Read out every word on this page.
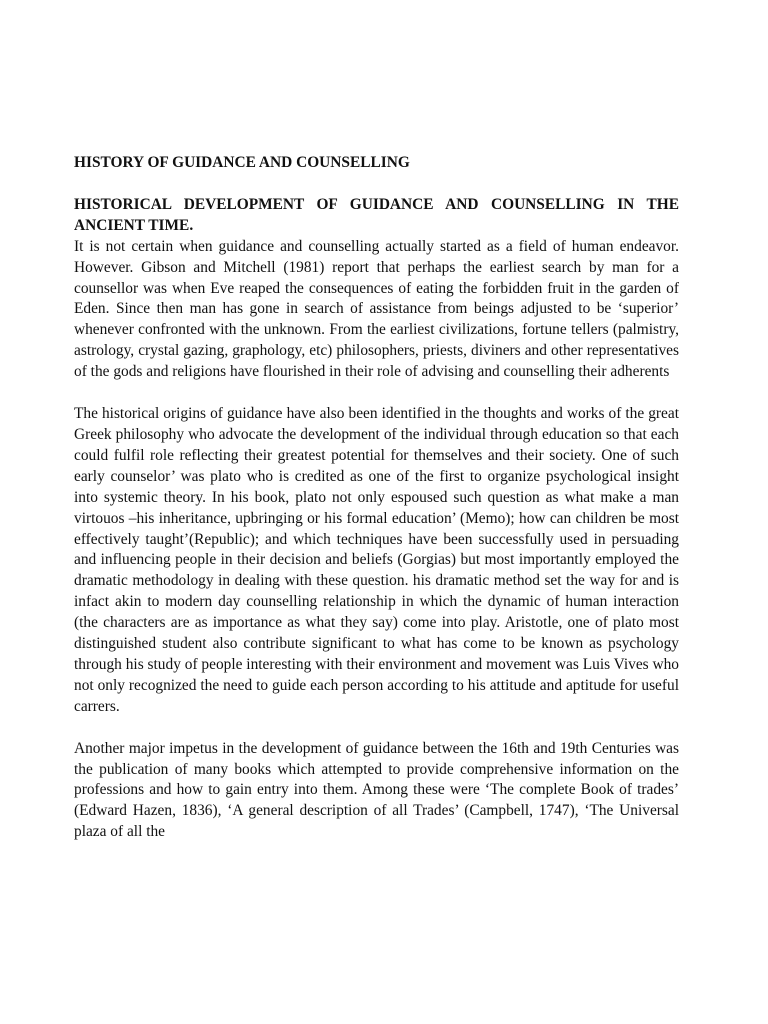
HISTORY OF GUIDANCE AND COUNSELLING

HISTORICAL DEVELOPMENT OF GUIDANCE AND COUNSELLING IN THE ANCIENT TIME.

It is not certain when guidance and counselling actually started as a field of human endeavor. However. Gibson and Mitchell (1981) report that perhaps the earliest search by man for a counsellor was when Eve reaped the consequences of eating the forbidden fruit in the garden of Eden. Since then man has gone in search of assistance from beings adjusted to be ‘superior’ whenever confronted with the unknown. From the earliest civilizations, fortune tellers (palmistry, astrology, crystal gazing, graphology, etc) philosophers, priests, diviners and other representatives of the gods and religions have flourished in their role of advising and counselling their adherents

The historical origins of guidance have also been identified in the thoughts and works of the great Greek philosophy who advocate the development of the individual through education so that each could fulfil role reflecting their greatest potential for themselves and their society. One of such early counselor’ was plato who is credited as one of the first to organize psychological insight into systemic theory. In his book, plato not only espoused such question as what make a man virtouos –his inheritance, upbringing or his formal education’ (Memo); how can children be most effectively taught’(Republic); and which techniques have been successfully used in persuading and influencing people in their decision and beliefs (Gorgias) but most importantly employed the dramatic methodology in dealing with these question. his dramatic method set the way for and is infact akin to modern day counselling relationship in which the dynamic of human interaction (the characters are as importance as what they say) come into play. Aristotle, one of plato most distinguished student also contribute significant to what has come to be known as psychology through his study of people interesting with their environment and movement was Luis Vives who not only recognized the need to guide each person according to his attitude and aptitude for useful carrers.

Another major impetus in the development of guidance between the 16th and 19th Centuries was the publication of many books which attempted to provide comprehensive information on the professions and how to gain entry into them. Among these were ‘The complete Book of trades’ (Edward Hazen, 1836), ‘A general description of all Trades’ (Campbell, 1747), ‘The Universal plaza of all the
